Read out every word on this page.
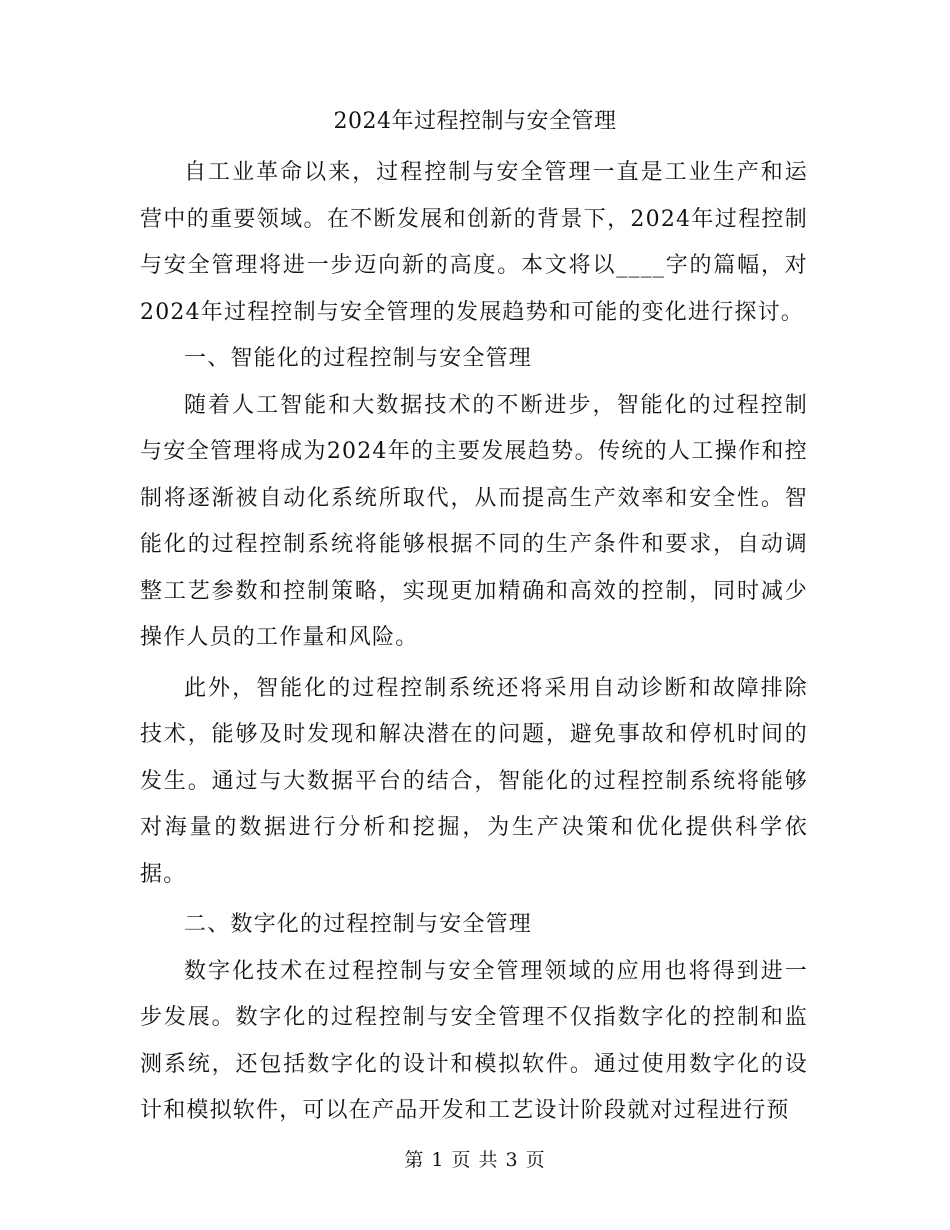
2024年过程控制与安全管理

自工业革命以来，过程控制与安全管理一直是工业生产和运营中的重要领域。在不断发展和创新的背景下，2024年过程控制与安全管理将进一步迈向新的高度。本文将以____字的篇幅，对2024年过程控制与安全管理的发展趋势和可能的变化进行探讨。

一、智能化的过程控制与安全管理

随着人工智能和大数据技术的不断进步，智能化的过程控制与安全管理将成为2024年的主要发展趋势。传统的人工操作和控制将逐渐被自动化系统所取代，从而提高生产效率和安全性。智能化的过程控制系统将能够根据不同的生产条件和要求，自动调整工艺参数和控制策略，实现更加精确和高效的控制，同时减少操作人员的工作量和风险。

此外，智能化的过程控制系统还将采用自动诊断和故障排除技术，能够及时发现和解决潜在的问题，避免事故和停机时间的发生。通过与大数据平台的结合，智能化的过程控制系统将能够对海量的数据进行分析和挖掘，为生产决策和优化提供科学依据。

二、数字化的过程控制与安全管理

数字化技术在过程控制与安全管理领域的应用也将得到进一步发展。数字化的过程控制与安全管理不仅指数字化的控制和监测系统，还包括数字化的设计和模拟软件。通过使用数字化的设计和模拟软件，可以在产品开发和工艺设计阶段就对过程进行预

第 1 页 共 3 页
